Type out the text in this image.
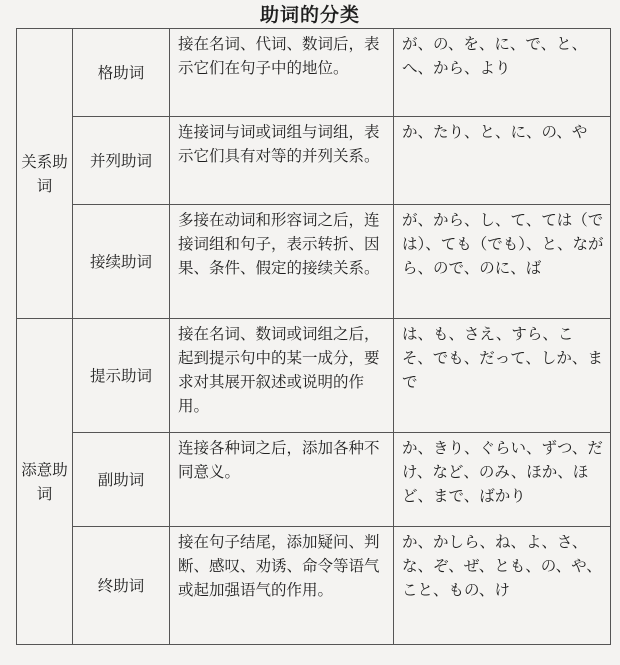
助词的分类
关系助词	格助词	接在名词、代词、数词后，表示它们在句子中的地位。	が、の、を、に、で、と、へ、から、より
	并列助词	连接词与词或词组与词组，表示它们具有对等的并列关系。	か、たり、と、に、の、や
	接续助词	多接在动词和形容词之后，连接词组和句子，表示转折、因果、条件、假定的接续关系。	が、から、し、て、ては（では）、ても（でも）、と、ながら、ので、のに、ば
添意助词	提示助词	接在名词、数词或词组之后，起到提示句中的某一成分，要求对其展开叙述或说明的作用。	は、も、さえ、すら、こそ、でも、だって、しか、まで
	副助词	连接各种词之后，添加各种不同意义。	か、きり、ぐらい、ずつ、だけ、など、のみ、ほか、ほど、まで、ばかり
	终助词	接在句子结尾，添加疑问、判断、感叹、劝诱、命令等语气或起加强语气的作用。	か、かしら、ね、よ、さ、な、ぞ、ぜ、とも、の、や、こと、もの、け
